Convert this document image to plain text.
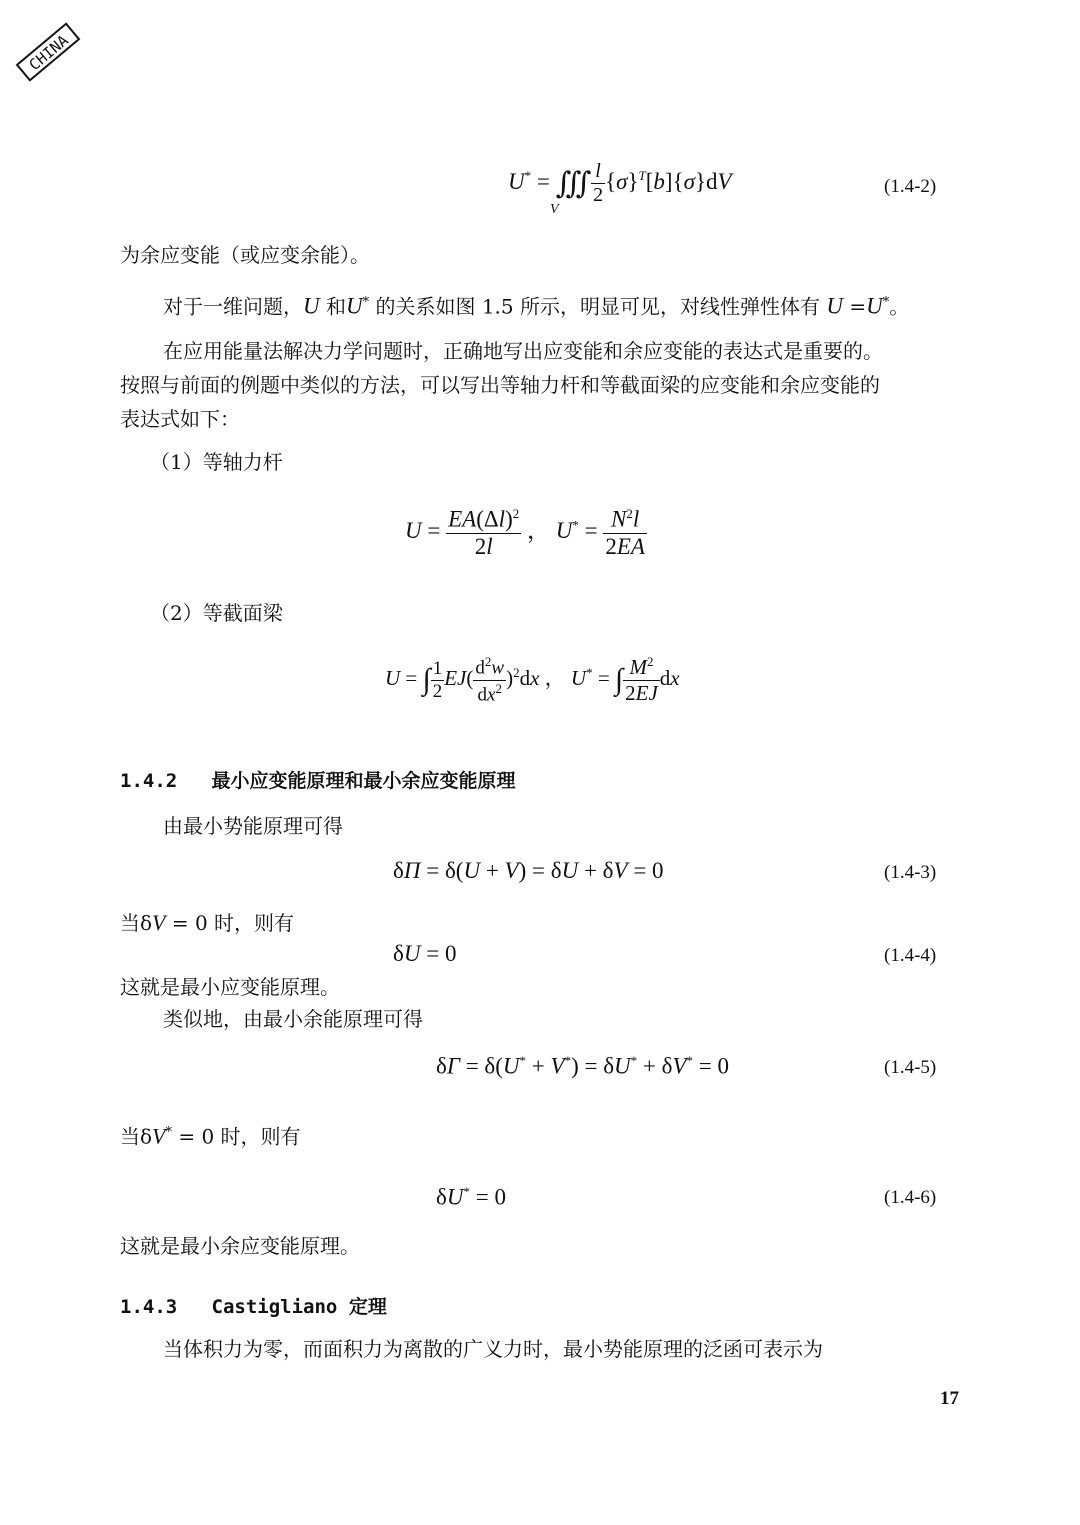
CHINA
U* = ∭ $\frac{l}{2} \{\sigma\}^T[b]\{\sigma\}dV$
V
(1.4-2)
为余应变能（或应变余能）。
对于一维问题，U 和U* 的关系如图 1.5 所示，明显可见，对线性弹性体有 U =U*。
在应用能量法解决力学问题时，正确地写出应变能和余应变能的表达式是重要的。
按照与前面的例题中类似的方法，可以写出等轴力杆和等截面梁的应变能和余应变能的
表达式如下：
（1）等轴力杆
$U = \frac{EA(\Delta l)^2}{2l}$ ， $U^* = \frac{N^2l}{2EA}$
（2）等截面梁
U = ∫ $\frac{1}{2} EJ( \frac{d^2w}{dx^2} )^2dx$ ， U* = ∫ $\frac{M^2}{2EJ}$ dx
1.4.2 最小应变能原理和最小余应变能原理
由最小势能原理可得
δΠ = δ(U + V) = δU + δV = 0	(1.4-3)
当δV = 0 时，则有
δU = 0	(1.4-4)
这就是最小应变能原理。
类似地，由最小余能原理可得
δΓ = δ(U* + V*) = δU* + δV* = 0	(1.4-5)
当δV* = 0 时，则有
δU* = 0	(1.4-6)
这就是最小余应变能原理。
1.4.3 Castigliano 定理
当体积力为零，而面积力为离散的广义力时，最小势能原理的泛函可表示为
17
